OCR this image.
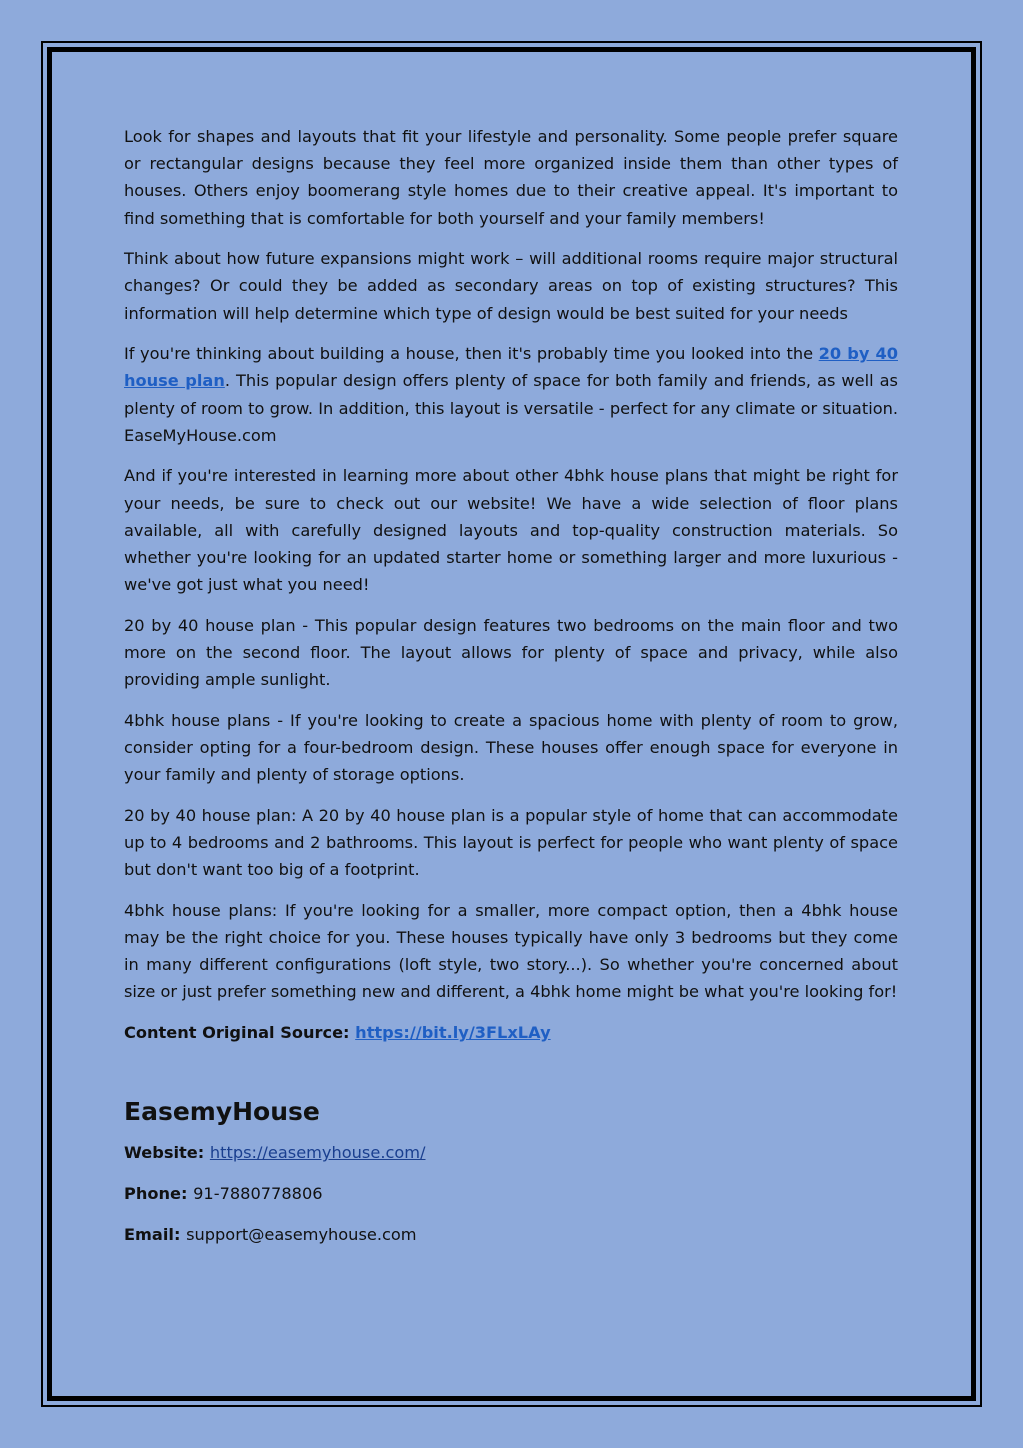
Look for shapes and layouts that fit your lifestyle and personality. Some people prefer square or rectangular designs because they feel more organized inside them than other types of houses. Others enjoy boomerang style homes due to their creative appeal. It's important to find something that is comfortable for both yourself and your family members!

Think about how future expansions might work – will additional rooms require major structural changes? Or could they be added as secondary areas on top of existing structures? This information will help determine which type of design would be best suited for your needs

If you're thinking about building a house, then it's probably time you looked into the 20 by 40 house plan. This popular design offers plenty of space for both family and friends, as well as plenty of room to grow. In addition, this layout is versatile - perfect for any climate or situation. EaseMyHouse.com

And if you're interested in learning more about other 4bhk house plans that might be right for your needs, be sure to check out our website! We have a wide selection of floor plans available, all with carefully designed layouts and top-quality construction materials. So whether you're looking for an updated starter home or something larger and more luxurious - we've got just what you need!

20 by 40 house plan - This popular design features two bedrooms on the main floor and two more on the second floor. The layout allows for plenty of space and privacy, while also providing ample sunlight.

4bhk house plans - If you're looking to create a spacious home with plenty of room to grow, consider opting for a four-bedroom design. These houses offer enough space for everyone in your family and plenty of storage options.

20 by 40 house plan: A 20 by 40 house plan is a popular style of home that can accommodate up to 4 bedrooms and 2 bathrooms. This layout is perfect for people who want plenty of space but don't want too big of a footprint.

4bhk house plans: If you're looking for a smaller, more compact option, then a 4bhk house may be the right choice for you. These houses typically have only 3 bedrooms but they come in many different configurations (loft style, two story...). So whether you're concerned about size or just prefer something new and different, a 4bhk home might be what you're looking for!

Content Original Source: https://bit.ly/3FLxLAy

EasemyHouse

Website: https://easemyhouse.com/

Phone: 91-7880778806

Email: support@easemyhouse.com
